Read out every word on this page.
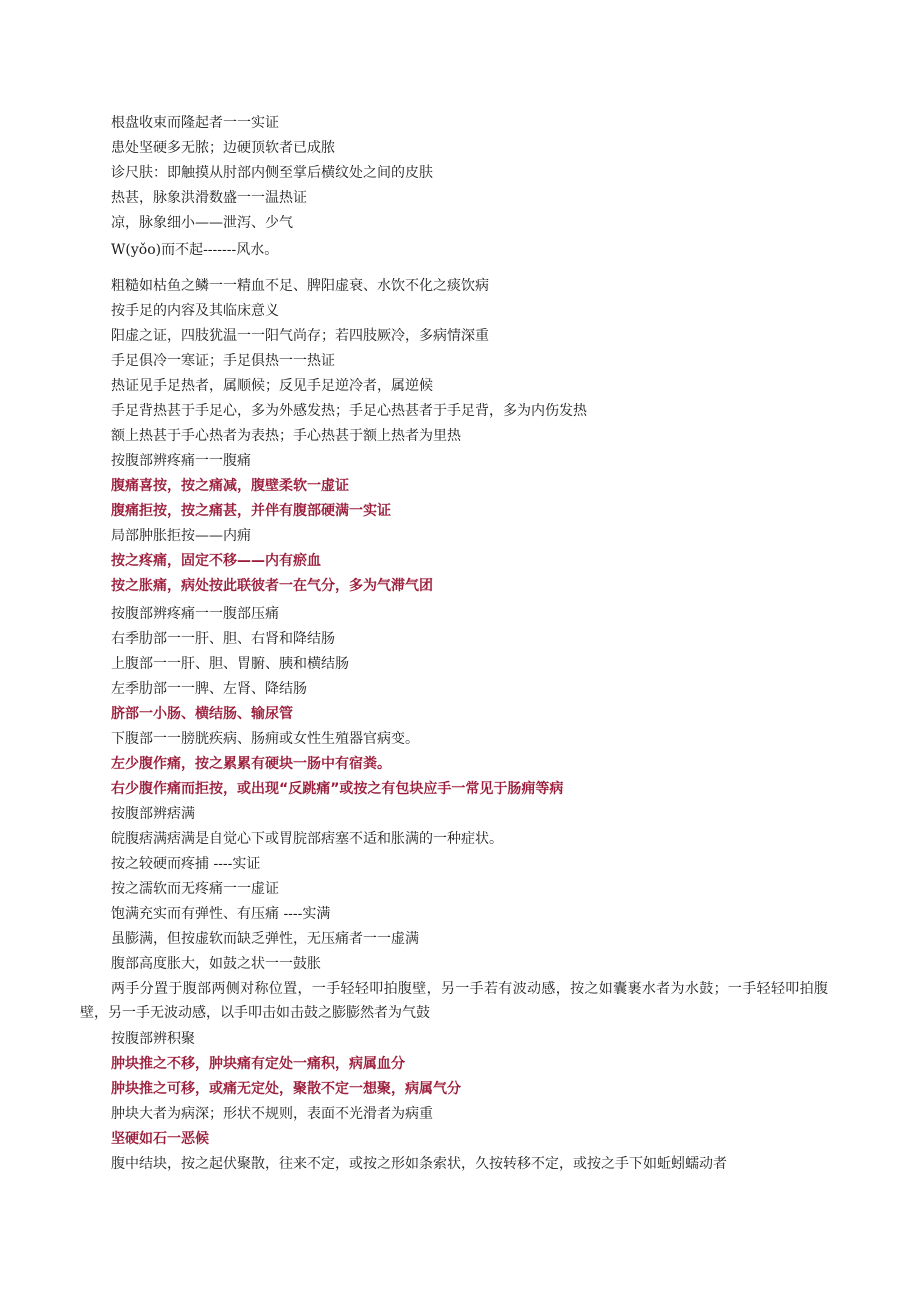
根盘收束而隆起者一一实证
患处坚硬多无脓；边硬顶软者已成脓
诊尺肤：即触摸从肘部内侧至掌后横纹处之间的皮肤
热甚，脉象洪滑数盛一一温热证
凉，脉象细小——泄泻、少气
W(yǒo)而不起-------风水。
粗糙如枯鱼之鳞一一精血不足、脾阳虚衰、水饮不化之痰饮病
按手足的内容及其临床意义
阳虚之证，四肢犹温一一阳气尚存；若四肢厥冷，多病情深重
手足俱冷一寒证；手足俱热一一热证
热证见手足热者，属顺候；反见手足逆冷者，属逆候
手足背热甚于手足心，多为外感发热；手足心热甚者于手足背，多为内伤发热
额上热甚于手心热者为表热；手心热甚于额上热者为里热
按腹部辨疼痛一一腹痛
腹痛喜按，按之痛减，腹壁柔软一虚证
腹痛拒按，按之痛甚，并伴有腹部硬满一实证
局部肿胀拒按——内痈
按之疼痛，固定不移——内有瘀血
按之胀痛，病处按此联彼者一在气分，多为气滞气团
按腹部辨疼痛一一腹部压痛
右季肋部一一肝、胆、右肾和降结肠
上腹部一一肝、胆、胃腑、胰和横结肠
左季肋部一一脾、左肾、降结肠
脐部一小肠、横结肠、输尿管
下腹部一一膀胱疾病、肠痈或女性生殖器官病变。
左少腹作痛，按之累累有硬块一肠中有宿粪。
右少腹作痛而拒按，或出现“反跳痛”或按之有包块应手一常见于肠痈等病
按腹部辨痞满
皖腹痞满痞满是自觉心下或胃脘部痞塞不适和胀满的一种症状。
按之较硬而疼捕 ----实证
按之濡软而无疼痛一一虚证
饱满充实而有弹性、有压痛 ----实满
虽膨满，但按虚软而缺乏弹性，无压痛者一一虚满
腹部高度胀大，如鼓之状一一鼓胀
两手分置于腹部两侧对称位置，一手轻轻叩拍腹壁，另一手若有波动感，按之如囊裹水者为水鼓；一手轻轻叩拍腹壁，另一手无波动感，以手叩击如击鼓之膨膨然者为气鼓
按腹部辨积聚
肿块推之不移，肿块痛有定处一痛积，病属血分
肿块推之可移，或痛无定处，聚散不定一想聚，病属气分
肿块大者为病深；形状不规则，表面不光滑者为病重
坚硬如石一恶候
腹中结块，按之起伏聚散，往来不定，或按之形如条索状，久按转移不定，或按之手下如蚯蚓蠕动者
